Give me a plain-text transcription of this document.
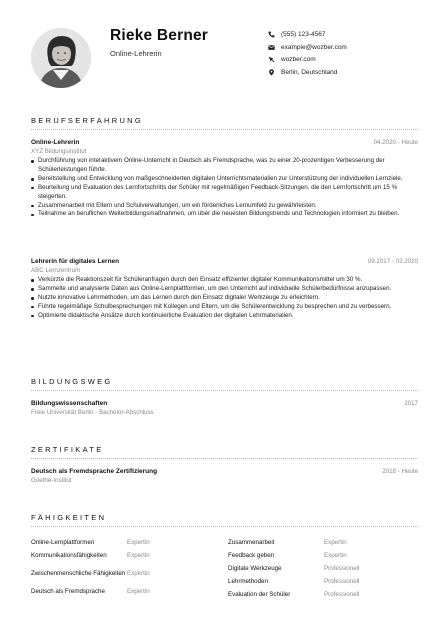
Rieke Berner
Online-Lehrerin
(555) 123-4567
example@wozber.com
wozber.com
Berlin, Deutschland
BERUFSERFAHRUNG
Online-Lehrerin	04.2020 - Heute
XYZ Bildungsinstitut
Durchführung von interaktivem Online-Unterricht in Deutsch als Fremdsprache, was zu einer 20-prozentigen Verbesserung der Schülerleistungen führte.
Bereitstellung und Entwicklung von maßgeschneiderten digitalen Unterrichtsmaterialien zur Unterstützung der individuellen Lernziele.
Beurteilung und Evaluation des Lernfortschritts der Schüler mit regelmäßigen Feedback-Sitzungen, die den Lernfortschritt um 15 % steigerten.
Zusammenarbeit mit Eltern und Schulverwaltungen, um ein förderliches Lernumfeld zu gewährleisten.
Teilnahme an beruflichen Weiterbildungsmaßnahmen, um über die neuesten Bildungstrends und Technologien informiert zu bleiben.
Lehrerin für digitales Lernen	09.2017 - 03.2020
ABC Lernzentrum
Verkürzte die Reaktionszeit für Schüleranfragen durch den Einsatz effizienter digitaler Kommunikationsmittel um 30 %.
Sammelte und analysierte Daten aus Online-Lernplattformen, um den Unterricht auf individuelle Schülerbedürfnisse anzupassen.
Nutzte innovative Lehrmethoden, um das Lernen durch den Einsatz digitaler Werkzeuge zu erleichtern.
Führte regelmäßige Schulbesprechungen mit Kollegen und Eltern, um die Schülerentwicklung zu besprechen und zu verbessern.
Optimierte didaktische Ansätze durch kontinuierliche Evaluation der digitalen Lehrmaterialien.
BILDUNGSWEG
Bildungswissenschaften	2017
Freie Universität Berlin - Bachelor-Abschluss
ZERTIFIKATE
Deutsch als Fremdsprache Zertifizierung	2018 - Heute
Goethe-Institut
FÄHIGKEITEN
Online-Lernplattformen	Expertin
Kommunikationsfähigkeiten	Expertin
Zwischenmenschliche Fähigkeiten Expertin
Deutsch als Fremdsprache	Expertin
Zusammenarbeit	Expertin
Feedback geben	Expertin
Digitale Werkzeuge	Professionell
Lehrmethoden	Professionell
Evaluation der Schüler	Professionell
